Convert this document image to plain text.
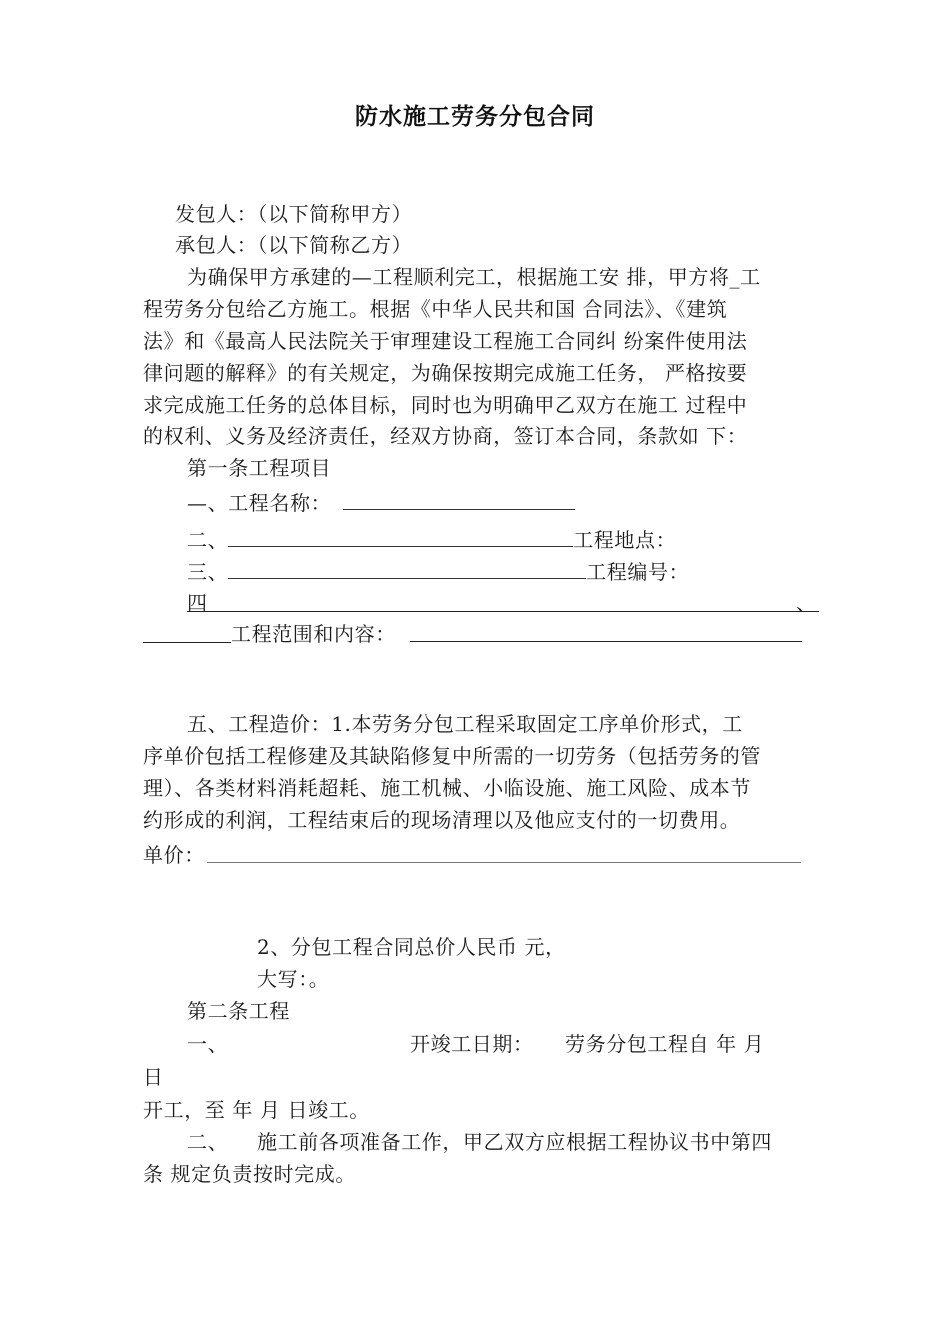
防水施工劳务分包合同
发包人：（以下简称甲方）
承包人：（以下简称乙方）
为确保甲方承建的—工程顺利完工，根据施工安 排，甲方将_工
程劳务分包给乙方施工。根据《中华人民共和国 合同法》、《建筑
法》和《最高人民法院关于审理建设工程施工合同纠 纷案件使用法
律问题的解释》的有关规定，为确保按期完成施工任务， 严格按要
求完成施工任务的总体目标，同时也为明确甲乙双方在施工 过程中
的权利、义务及经济责任，经双方协商，签订本合同，条款如 下：
第一条工程项目
—、工程名称：
二、	工程地点：
三、	工程编号：
四	、
工程范围和内容：
五、工程造价：1.本劳务分包工程采取固定工序单价形式，工
序单价包括工程修建及其缺陷修复中所需的一切劳务（包括劳务的管
理）、各类材料消耗超耗、施工机械、小临设施、施工风险、成本节
约形成的利润，工程结束后的现场清理以及他应支付的一切费用。
单价：
2、分包工程合同总价人民币 元，
大写：。
第二条工程
一、	开竣工日期： 劳务分包工程自 年 月
日
开工，至 年 月 日竣工。
二、 施工前各项准备工作，甲乙双方应根据工程协议书中第四
条 规定负责按时完成。
